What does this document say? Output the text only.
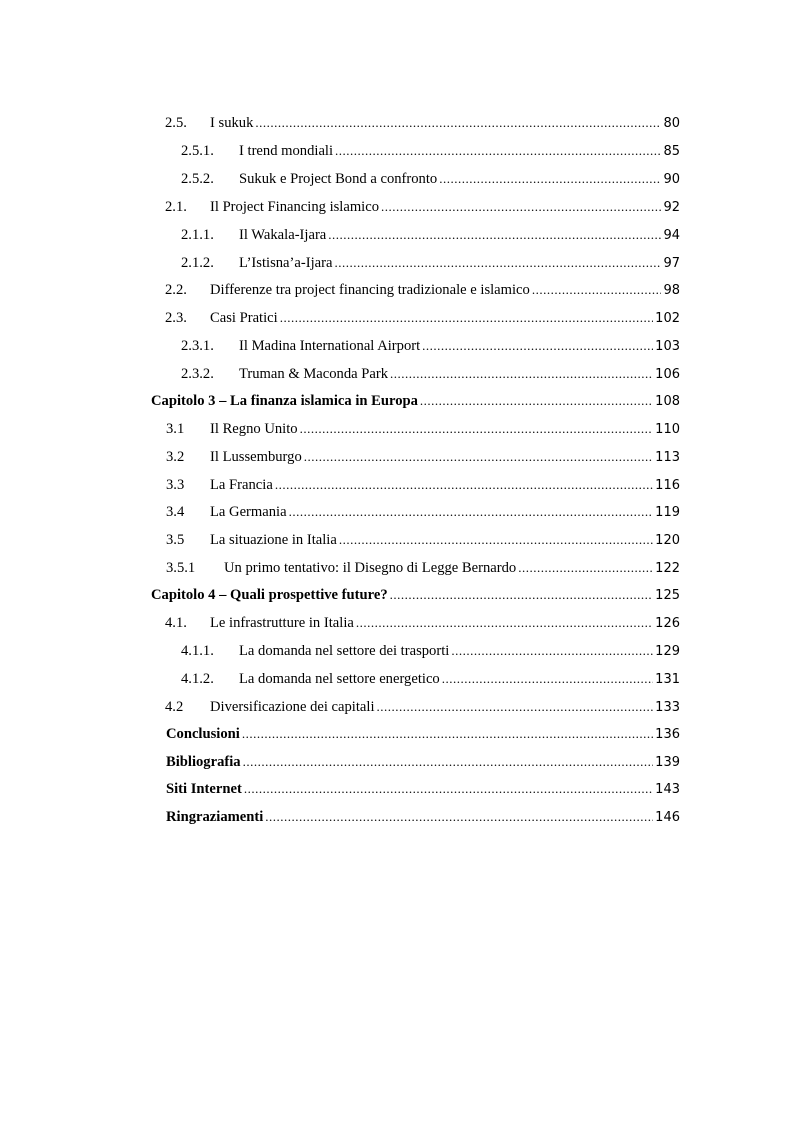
2.5.	I sukuk .....	80
2.5.1.	I trend mondiali .....	85
2.5.2.	Sukuk e Project Bond a confronto .....	90
2.1.	Il Project Financing islamico .....	92
2.1.1.	Il Wakala-Ijara .....	94
2.1.2.	L’Istisna’a-Ijara .....	97
2.2.	Differenze tra project financing tradizionale e islamico .....	98
2.3.	Casi Pratici .....	102
2.3.1.	Il Madina International Airport .....	103
2.3.2.	Truman & Maconda Park .....	106
Capitolo 3 – La finanza islamica in Europa .....	108
3.1	Il Regno Unito .....	110
3.2	Il Lussemburgo .....	113
3.3	La Francia .....	116
3.4	La Germania .....	119
3.5	La situazione in Italia .....	120
3.5.1	Un primo tentativo: il Disegno di Legge Bernardo .....	122
Capitolo 4 – Quali prospettive future? .....	125
4.1.	Le infrastrutture in Italia .....	126
4.1.1.	La domanda nel settore dei trasporti .....	129
4.1.2.	La domanda nel settore energetico .....	131
4.2	Diversificazione dei capitali .....	133
Conclusioni .....	136
Bibliografia .....	139
Siti Internet .....	143
Ringraziamenti .....	146
